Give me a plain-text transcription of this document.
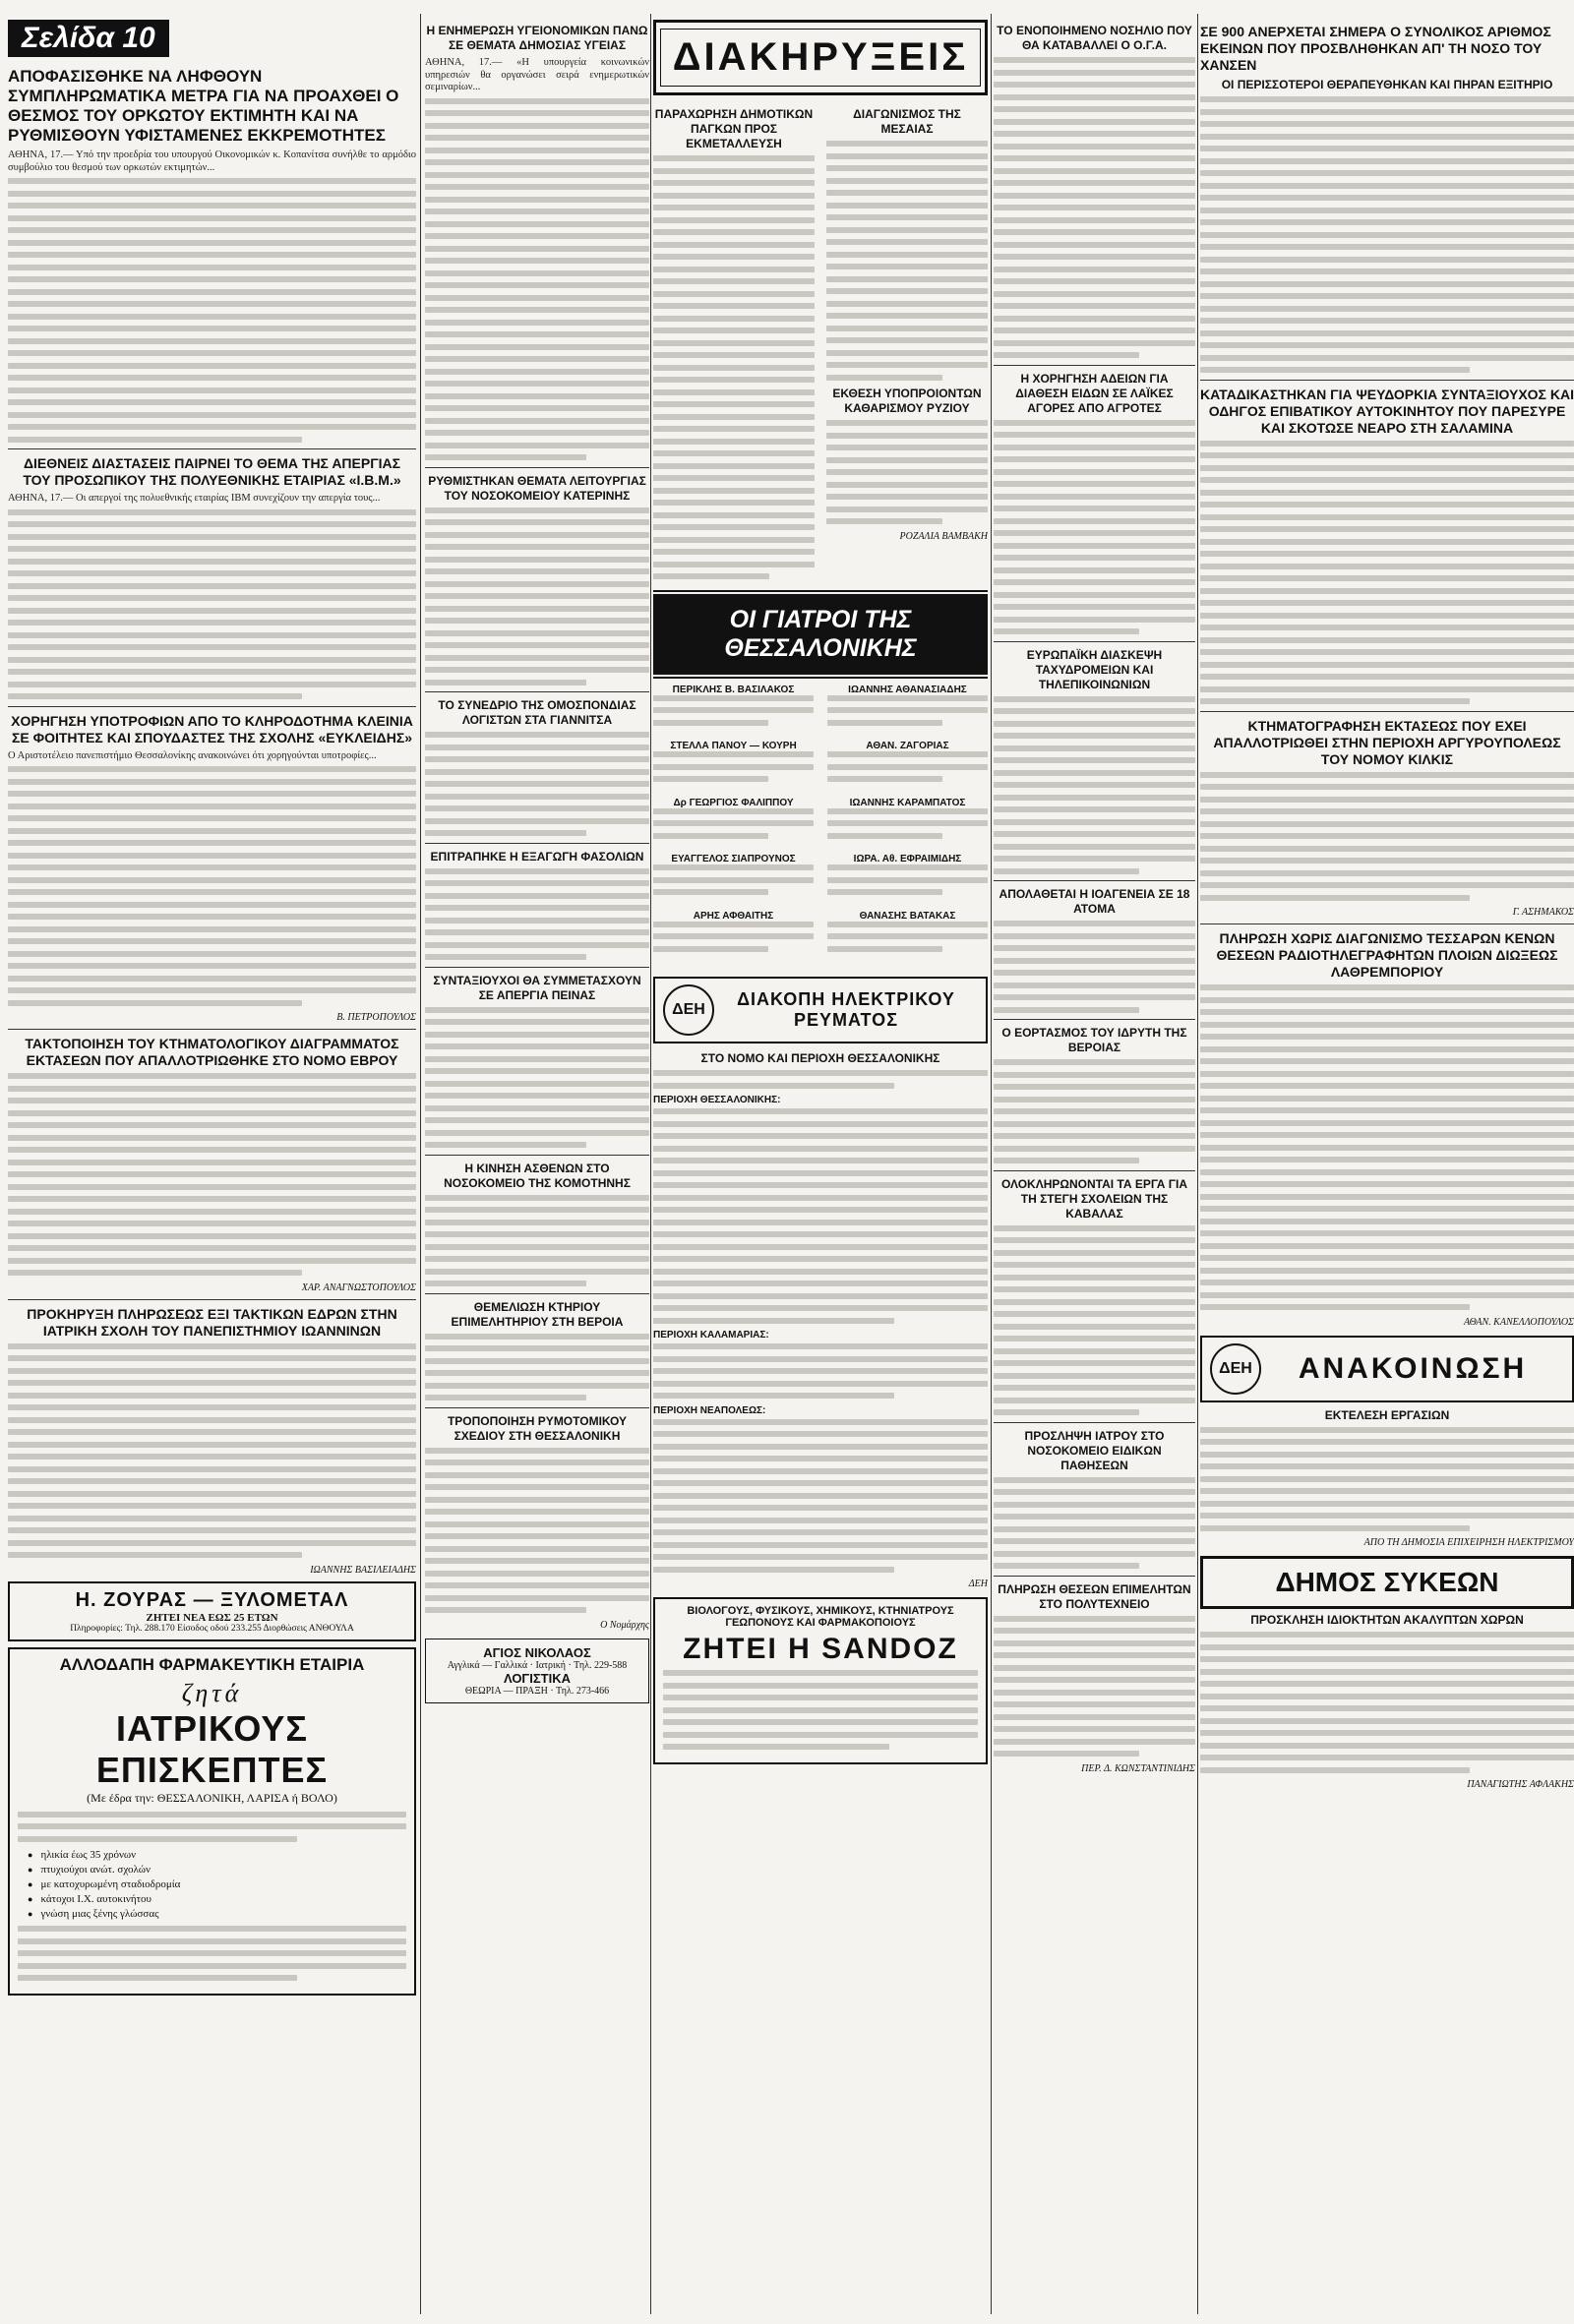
Σελίδα 10
ΑΠΟΦΑΣΙΣΘΗΚΕ ΝΑ ΛΗΦΘΟΥΝ ΣΥΜΠΛΗΡΩΜΑΤΙΚΑ ΜΕΤΡΑ ΓΙΑ ΝΑ ΠΡΟΑΧΘΕΙ Ο ΘΕΣΜΟΣ ΤΟΥ ΟΡΚΩΤΟΥ ΕΚΤΙΜΗΤΗ ΚΑΙ ΝΑ ΡΥΘΜΙΣΘΟΥΝ ΥΦΙΣΤΑΜΕΝΕΣ ΕΚΚΡΕΜΟΤΗΤΕΣ

ΑΘΗΝΑ, 17.— Υπό την προεδρία του υπουργού Οικονομικών κ. Κοπανίτσα συνήλθε το αρμόδιο συμβούλιο του θεσμού των ορκωτών εκτιμητών...

ΔΙΕΘΝΕΙΣ ΔΙΑΣΤΑΣΕΙΣ ΠΑΙΡΝΕΙ ΤΟ ΘΕΜΑ ΤΗΣ ΑΠΕΡΓΙΑΣ ΤΟΥ ΠΡΟΣΩΠΙΚΟΥ ΤΗΣ ΠΟΛΥΕΘΝΙΚΗΣ ΕΤΑΙΡΙΑΣ «I.B.M.»

ΑΘΗΝΑ, 17.— Οι απεργοί της πολυεθνικής εταιρίας ΙΒΜ συνεχίζουν την απεργία τους...

ΧΟΡΗΓΗΣΗ ΥΠΟΤΡΟΦΙΩΝ ΑΠΟ ΤΟ ΚΛΗΡΟΔΟΤΗΜΑ ΚΛΕΙΝΙΑ ΣΕ ΦΟΙΤΗΤΕΣ ΚΑΙ ΣΠΟΥΔΑΣΤΕΣ ΤΗΣ ΣΧΟΛΗΣ «ΕΥΚΛΕΙΔΗΣ»

Ο Αριστοτέλειο πανεπιστήμιο Θεσσαλονίκης ανακοινώνει ότι χορηγούνται υποτροφίες...

Β. ΠΕΤΡΟΠΟΥΛΟΣ

ΤΑΚΤΟΠΟΙΗΣΗ ΤΟΥ ΚΤΗΜΑΤΟΛΟΓΙΚΟΥ ΔΙΑΓΡΑΜΜΑΤΟΣ ΕΚΤΑΣΕΩΝ ΠΟΥ ΑΠΑΛΛΟΤΡΙΩΘΗΚΕ ΣΤΟ ΝΟΜΟ ΕΒΡΟΥ

ΧΑΡ. ΑΝΑΓΝΩΣΤΟΠΟΥΛΟΣ

ΠΡΟΚΗΡΥΞΗ ΠΛΗΡΩΣΕΩΣ ΕΞΙ ΤΑΚΤΙΚΩΝ ΕΔΡΩΝ ΣΤΗΝ ΙΑΤΡΙΚΗ ΣΧΟΛΗ ΤΟΥ ΠΑΝΕΠΙΣΤΗΜΙΟΥ ΙΩΑΝΝΙΝΩΝ

ΙΩΑΝΝΗΣ ΒΑΣΙΛΕΙΑΔΗΣ

Η. ΖΟΥΡΑΣ — ΞΥΛΟΜΕΤΑΛ
ΖΗΤΕΙ ΝΕΑ ΕΩΣ 25 ΕΤΩΝ
Πληροφορίες: Τηλ. 288.170 Είσοδος οδού 233.255 Διορθώσεις ΑΝΘΟΥΛΑ
ΑΛΛΟΔΑΠΗ ΦΑΡΜΑΚΕΥΤΙΚΗ ΕΤΑΙΡΙΑ
ζητά
ΙΑΤΡΙΚΟΥΣ ΕΠΙΣΚΕΠΤΕΣ
(Με έδρα την: ΘΕΣΣΑΛΟΝΙΚΗ, ΛΑΡΙΣΑ ή ΒΟΛΟ)
● ηλικία έως 35 χρόνων
● πτυχιούχοι ανώτ. σχολών
● με κατοχυρωμένη σταδιοδρομία
● κάτοχοι Ι.Χ. αυτοκινήτου
● γνώση μιας ξένης γλώσσας
Η ΕΝΗΜΕΡΩΣΗ ΥΓΕΙΟΝΟΜΙΚΩΝ ΠΑΝΩ ΣΕ ΘΕΜΑΤΑ ΔΗΜΟΣΙΑΣ ΥΓΕΙΑΣ

ΑΘΗΝΑ, 17.— «Η υπουργεία κοινωνικών υπηρεσιών θα οργανώσει σειρά ενημερωτικών σεμιναρίων...

ΡΥΘΜΙΣΤΗΚΑΝ ΘΕΜΑΤΑ ΛΕΙΤΟΥΡΓΙΑΣ ΤΟΥ ΝΟΣΟΚΟΜΕΙΟΥ ΚΑΤΕΡΙΝΗΣ
ΤΟ ΣΥΝΕΔΡΙΟ ΤΗΣ ΟΜΟΣΠΟΝΔΙΑΣ ΛΟΓΙΣΤΩΝ ΣΤΑ ΓΙΑΝΝΙΤΣΑ
ΕΠΙΤΡΑΠΗΚΕ Η ΕΞΑΓΩΓΗ ΦΑΣΟΛΙΩΝ
ΣΥΝΤΑΞΙΟΥΧΟΙ ΘΑ ΣΥΜΜΕΤΑΣΧΟΥΝ ΣΕ ΑΠΕΡΓΙΑ ΠΕΙΝΑΣ
Η ΚΙΝΗΣΗ ΑΣΘΕΝΩΝ ΣΤΟ ΝΟΣΟΚΟΜΕΙΟ ΤΗΣ ΚΟΜΟΤΗΝΗΣ
ΘΕΜΕΛΙΩΣΗ ΚΤΗΡΙΟΥ ΕΠΙΜΕΛΗΤΗΡΙΟΥ ΣΤΗ ΒΕΡΟΙΑ
ΤΡΟΠΟΠΟΙΗΣΗ ΡΥΜΟΤΟΜΙΚΟΥ ΣΧΕΔΙΟΥ ΣΤΗ ΘΕΣΣΑΛΟΝΙΚΗ

Ο Νομάρχης

ΑΓΙΟΣ ΝΙΚΟΛΑΟΣ
Αγγλικά — Γαλλικά · Ιατρική · Τηλ. 229-588
ΛΟΓΙΣΤΙΚΑ
ΘΕΩΡΙΑ — ΠΡΑΞΗ · Τηλ. 273-466
ΔΙΑΚΗΡΥΞΕΙΣ
ΠΑΡΑΧΩΡΗΣΗ ΔΗΜΟΤΙΚΩΝ ΠΑΓΚΩΝ ΠΡΟΣ ΕΚΜΕΤΑΛΛΕΥΣΗ
ΔΙΑΓΩΝΙΣΜΟΣ ΤΗΣ ΜΕΣΑΙΑΣ
ΕΚΘΕΣΗ ΥΠΟΠΡΟΙΟΝΤΩΝ ΚΑΘΑΡΙΣΜΟΥ ΡΥΖΙΟΥ

ΡΟΖΑΛΙΑ ΒΑΜΒΑΚΗ

ΟΙ ΓΙΑΤΡΟΙ ΤΗΣ ΘΕΣΣΑΛΟΝΙΚΗΣ
ΠΕΡΙΚΛΗΣ Β. ΒΑΣΙΛΑΚΟΣ	ΙΩΑΝΝΗΣ ΑΘΑΝΑΣΙΑΔΗΣ
ΣΤΕΛΛΑ ΠΑΝΟΥ — ΚΟΥΡΗ	ΑΘΑΝ. ΖΑΓΟΡΙΑΣ
Δρ ΓΕΩΡΓΙΟΣ ΦΑΛΙΠΠΟΥ	ΙΩΑΝΝΗΣ ΚΑΡΑΜΠΑΤΟΣ
ΕΥΑΓΓΕΛΟΣ ΣΙΑΠΡΟΥΝΟΣ	ΙΩΡΑ. Αθ. ΕΦΡΑΙΜΙΔΗΣ
ΑΡΗΣ ΑΦΘΑΙΤΗΣ	ΘΑΝΑΣΗΣ ΒΑΤΑΚΑΣ
ΔΕΗ
ΔΙΑΚΟΠΗ ΗΛΕΚΤΡΙΚΟΥ ΡΕΥΜΑΤΟΣ
ΣΤΟ ΝΟΜΟ ΚΑΙ ΠΕΡΙΟΧΗ ΘΕΣΣΑΛΟΝΙΚΗΣ
ΠΕΡΙΟΧΗ ΘΕΣΣΑΛΟΝΙΚΗΣ:
ΠΕΡΙΟΧΗ ΚΑΛΑΜΑΡΙΑΣ:
ΠΕΡΙΟΧΗ ΝΕΑΠΟΛΕΩΣ:

ΔΕΗ

ΒΙΟΛΟΓΟΥΣ, ΦΥΣΙΚΟΥΣ, ΧΗΜΙΚΟΥΣ, ΚΤΗΝΙΑΤΡΟΥΣ ΓΕΩΠΟΝΟΥΣ ΚΑΙ ΦΑΡΜΑΚΟΠΟΙΟΥΣ
ΖΗΤΕΙ Η SANDOZ
ΤΟ ΕΝΟΠΟΙΗΜΕΝΟ ΝΟΣΗΛΙΟ ΠΟΥ ΘΑ ΚΑΤΑΒΑΛΛΕΙ Ο Ο.Γ.Α.
Η ΧΟΡΗΓΗΣΗ ΑΔΕΙΩΝ ΓΙΑ ΔΙΑΘΕΣΗ ΕΙΔΩΝ ΣΕ ΛΑΪΚΕΣ ΑΓΟΡΕΣ ΑΠΟ ΑΓΡΟΤΕΣ
ΕΥΡΩΠΑΪΚΗ ΔΙΑΣΚΕΨΗ ΤΑΧΥΔΡΟΜΕΙΩΝ ΚΑΙ ΤΗΛΕΠΙΚΟΙΝΩΝΙΩΝ
ΑΠΟΛΑΘΕΤΑΙ Η ΙΟΑΓΕΝΕΙΑ ΣΕ 18 ΑΤΟΜΑ
Ο ΕΟΡΤΑΣΜΟΣ ΤΟΥ ΙΔΡΥΤΗ ΤΗΣ ΒΕΡΟΙΑΣ
ΟΛΟΚΛΗΡΩΝΟΝΤΑΙ ΤΑ ΕΡΓΑ ΓΙΑ ΤΗ ΣΤΕΓΗ ΣΧΟΛΕΙΩΝ ΤΗΣ ΚΑΒΑΛΑΣ
ΠΡΟΣΛΗΨΗ ΙΑΤΡΟΥ ΣΤΟ ΝΟΣΟΚΟΜΕΙΟ ΕΙΔΙΚΩΝ ΠΑΘΗΣΕΩΝ
ΠΛΗΡΩΣΗ ΘΕΣΕΩΝ ΕΠΙΜΕΛΗΤΩΝ ΣΤΟ ΠΟΛΥΤΕΧΝΕΙΟ

ΠΕΡ. Δ. ΚΩΝΣΤΑΝΤΙΝΙΔΗΣ

ΣΕ 900 ΑΝΕΡΧΕΤΑΙ ΣΗΜΕΡΑ Ο ΣΥΝΟΛΙΚΟΣ ΑΡΙΘΜΟΣ ΕΚΕΙΝΩΝ ΠΟΥ ΠΡΟΣΒΛΗΘΗΚΑΝ ΑΠ' ΤΗ ΝΟΣΟ ΤΟΥ ΧΑΝΣΕΝ
ΟΙ ΠΕΡΙΣΣΟΤΕΡΟΙ ΘΕΡΑΠΕΥΘΗΚΑΝ ΚΑΙ ΠΗΡΑΝ ΕΞΙΤΗΡΙΟ
ΚΑΤΑΔΙΚΑΣΤΗΚΑΝ ΓΙΑ ΨΕΥΔΟΡΚΙΑ ΣΥΝΤΑΞΙΟΥΧΟΣ ΚΑΙ ΟΔΗΓΟΣ ΕΠΙΒΑΤΙΚΟΥ ΑΥΤΟΚΙΝΗΤΟΥ ΠΟΥ ΠΑΡΕΣΥΡΕ ΚΑΙ ΣΚΟΤΩΣΕ ΝΕΑΡΟ ΣΤΗ ΣΑΛΑΜΙΝΑ
ΚΤΗΜΑΤΟΓΡΑΦΗΣΗ ΕΚΤΑΣΕΩΣ ΠΟΥ ΕΧΕΙ ΑΠΑΛΛΟΤΡΙΩΘΕΙ ΣΤΗΝ ΠΕΡΙΟΧΗ ΑΡΓΥΡΟΥΠΟΛΕΩΣ ΤΟΥ ΝΟΜΟΥ ΚΙΛΚΙΣ

Γ. ΑΣΗΜΑΚΟΣ

ΠΛΗΡΩΣΗ ΧΩΡΙΣ ΔΙΑΓΩΝΙΣΜΟ ΤΕΣΣΑΡΩΝ ΚΕΝΩΝ ΘΕΣΕΩΝ ΡΑΔΙΟΤΗΛΕΓΡΑΦΗΤΩΝ ΠΛΟΙΩΝ ΔΙΩΞΕΩΣ ΛΑΘΡΕΜΠΟΡΙΟΥ

ΑΘΑΝ. ΚΑΝΕΛΛΟΠΟΥΛΟΣ

ΔΕΗ	ΑΝΑΚΟΙΝΩΣΗ
ΕΚΤΕΛΕΣΗ ΕΡΓΑΣΙΩΝ

ΑΠΟ ΤΗ ΔΗΜΟΣΙΑ ΕΠΙΧΕΙΡΗΣΗ ΗΛΕΚΤΡΙΣΜΟΥ

ΔΗΜΟΣ ΣΥΚΕΩΝ
ΠΡΟΣΚΛΗΣΗ ΙΔΙΟΚΤΗΤΩΝ ΑΚΑΛΥΠΤΩΝ ΧΩΡΩΝ

ΠΑΝΑΓΙΩΤΗΣ ΑΦΛΑΚΗΣ
